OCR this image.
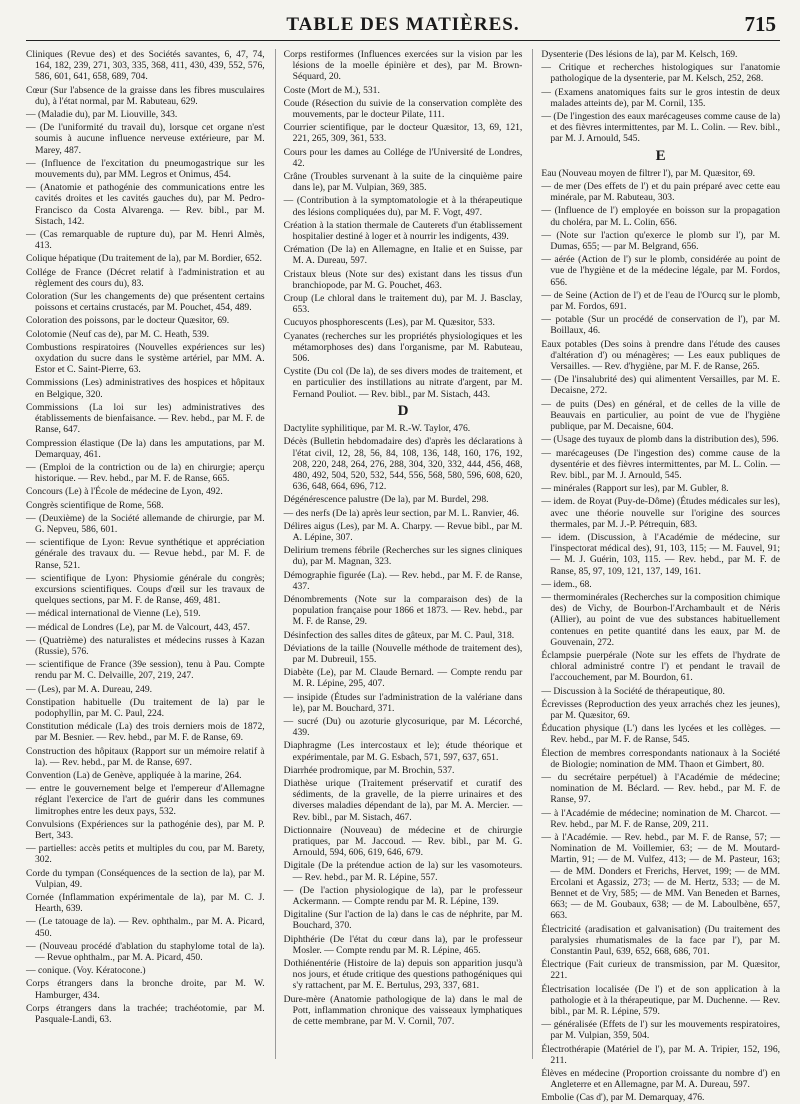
TABLE DES MATIÈRES.	715

Cliniques (Revue des) et des Sociétés savantes, 6, 47, 74, 164, 182, 239, 271, 303, 335, 368, 411, 430, 439, 552, 576, 586, 601, 641, 658, 689, 704.

Cœur (Sur l'absence de la graisse dans les fibres musculaires du), à l'état normal, par M. Rabuteau, 629.

— (Maladie du), par M. Liouville, 343.

— (De l'uniformité du travail du), lorsque cet organe n'est soumis à aucune influence nerveuse extérieure, par M. Marey, 487.

— (Influence de l'excitation du pneumogastrique sur les mouvements du), par MM. Legros et Onimus, 454.

— (Anatomie et pathogénie des communications entre les cavités droites et les cavités gauches du), par M. Pedro-Francisco da Costa Alvarenga. — Rev. bibl., par M. Sistach, 142.

— (Cas remarquable de rupture du), par M. Henri Almès, 413.

Colique hépatique (Du traitement de la), par M. Bordier, 652.

Collége de France (Décret relatif à l'administration et au règlement des cours du), 83.

Coloration (Sur les changements de) que présentent certains poissons et certains crustacés, par M. Pouchet, 454, 489.

Coloration des poissons, par le docteur Quæsitor, 69.

Colotomie (Neuf cas de), par M. C. Heath, 539.

Combustions respiratoires (Nouvelles expériences sur les) oxydation du sucre dans le système artériel, par MM. A. Estor et C. Saint-Pierre, 63.

Commissions (Les) administratives des hospices et hôpitaux en Belgique, 320.

Commissions (La loi sur les) administratives des établissements de bienfaisance. — Rev. hebd., par M. F. de Ranse, 647.

Compression élastique (De la) dans les amputations, par M. Demarquay, 461.

— (Emploi de la contriction ou de la) en chirurgie; aperçu historique. — Rev. hebd., par M. F. de Ranse, 665.

Concours (Le) à l'École de médecine de Lyon, 492.

Congrès scientifique de Rome, 568.

— (Deuxième) de la Société allemande de chirurgie, par M. G. Nepveu, 586, 601.

— scientifique de Lyon: Revue synthétique et appréciation générale des travaux du. — Revue hebd., par M. F. de Ranse, 521.

— scientifique de Lyon: Physiomie générale du congrès; excursions scientifiques. Coups d'œil sur les travaux de quelques sections, par M. F. de Ranse, 469, 481.

— médical international de Vienne (Le), 519.

— médical de Londres (Le), par M. de Valcourt, 443, 457.

— (Quatrième) des naturalistes et médecins russes à Kazan (Russie), 576.

— scientifique de France (39e session), tenu à Pau. Compte rendu par M. C. Delvaille, 207, 219, 247.

— (Les), par M. A. Dureau, 249.

Constipation habituelle (Du traitement de la) par le podophyllin, par M. C. Paul, 224.

Constitution médicale (La) des trois derniers mois de 1872, par M. Besnier. — Rev. hebd., par M. F. de Ranse, 69.

Construction des hôpitaux (Rapport sur un mémoire relatif à la). — Rev. hebd., par M. de Ranse, 697.

Convention (La) de Genève, appliquée à la marine, 264.

— entre le gouvernement belge et l'empereur d'Allemagne réglant l'exercice de l'art de guérir dans les communes limitrophes entre les deux pays, 532.

Convulsions (Expériences sur la pathogénie des), par M. P. Bert, 343.

— partielles: accès petits et multiples du cou, par M. Barety, 302.

Corde du tympan (Conséquences de la section de la), par M. Vulpian, 49.

Cornée (Inflammation expérimentale de la), par M. C. J. Hearth, 639.

— (Le tatouage de la). — Rev. ophthalm., par M. A. Picard, 450.

— (Nouveau procédé d'ablation du staphylome total de la). — Revue ophthalm., par M. A. Picard, 450.

— conique. (Voy. Kératocone.)

Corps étrangers dans la bronche droite, par M. W. Hamburger, 434.

Corps étrangers dans la trachée; trachéotomie, par M. Pasquale-Landi, 63.

Corps restiformes (Influences exercées sur la vision par les lésions de la moelle épinière et des), par M. Brown-Séquard, 20.

Coste (Mort de M.), 531.

Coude (Résection du suivie de la conservation complète des mouvements, par le docteur Pilate, 111.

Courrier scientifique, par le docteur Quæsitor, 13, 69, 121, 221, 265, 309, 361, 533.

Cours pour les dames au Collége de l'Université de Londres, 42.

Crâne (Troubles survenant à la suite de la cinquième paire dans le), par M. Vulpian, 369, 385.

— (Contribution à la symptomatologie et à la thérapeutique des lésions compliquées du), par M. F. Vogt, 497.

Création à la station thermale de Cauterets d'un établissement hospitalier destiné à loger et à nourrir les indigents, 439.

Crémation (De la) en Allemagne, en Italie et en Suisse, par M. A. Dureau, 597.

Cristaux bleus (Note sur des) existant dans les tissus d'un branchiopode, par M. G. Pouchet, 463.

Croup (Le chloral dans le traitement du), par M. J. Basclay, 653.

Cucuyos phosphorescents (Les), par M. Quæsitor, 533.

Cyanates (recherches sur les propriétés physiologiques et les métamorphoses des) dans l'organisme, par M. Rabuteau, 506.

Cystite (Du col (De la), de ses divers modes de traitement, et en particulier des instillations au nitrate d'argent, par M. Fernand Pouliot. — Rev. bibl., par M. Sistach, 443.

D

Dactylite syphilitique, par M. R.-W. Taylor, 476.

Décès (Bulletin hebdomadaire des) d'après les déclarations à l'état civil, 12, 28, 56, 84, 108, 136, 148, 160, 176, 192, 208, 220, 248, 264, 276, 288, 304, 320, 332, 444, 456, 468, 480, 492, 504, 520, 532, 544, 556, 568, 580, 596, 608, 620, 636, 648, 664, 696, 712.

Dégénérescence palustre (De la), par M. Burdel, 298.

— des nerfs (De la) après leur section, par M. L. Ranvier, 46.

Délires aigus (Les), par M. A. Charpy. — Revue bibl., par M. A. Lépine, 307.

Delirium tremens fébrile (Recherches sur les signes cliniques du), par M. Magnan, 323.

Démographie figurée (La). — Rev. hebd., par M. F. de Ranse, 437.

Dénombrements (Note sur la comparaison des) de la population française pour 1866 et 1873. — Rev. hebd., par M. F. de Ranse, 29.

Désinfection des salles dites de gâteux, par M. C. Paul, 318.

Déviations de la taille (Nouvelle méthode de traitement des), par M. Dubreuil, 155.

Diabète (Le), par M. Claude Bernard. — Compte rendu par M. R. Lépine, 295, 407.

— insipide (Études sur l'administration de la valériane dans le), par M. Bouchard, 371.

— sucré (Du) ou azoturie glycosurique, par M. Lécorché, 439.

Diaphragme (Les intercostaux et le); étude théorique et expérimentale, par M. G. Esbach, 571, 597, 637, 651.

Diarrhée prodromique, par M. Brochin, 537.

Diathèse urique (Traitement préservatif et curatif des sédiments, de la gravelle, de la pierre urinaires et des diverses maladies dépendant de la), par M. A. Mercier. — Rev. bibl., par M. Sistach, 467.

Dictionnaire (Nouveau) de médecine et de chirurgie pratiques, par M. Jaccoud. — Rev. bibl., par M. G. Arnould, 594, 606, 619, 646, 679.

Digitale (De la prétendue action de la) sur les vasomoteurs. — Rev. hebd., par M. R. Lépine, 557.

— (De l'action physiologique de la), par le professeur Ackermann. — Compte rendu par M. R. Lépine, 139.

Digitaline (Sur l'action de la) dans le cas de néphrite, par M. Bouchard, 370.

Diphthérie (De l'état du cœur dans la), par le professeur Mosler. — Compte rendu par M. R. Lépine, 465.

Dothiénentérie (Histoire de la) depuis son apparition jusqu'à nos jours, et étude critique des questions pathogéniques qui s'y rattachent, par M. E. Bertulus, 293, 337, 681.

Dure-mère (Anatomie pathologique de la) dans le mal de Pott, inflammation chronique des vaisseaux lymphatiques de cette membrane, par M. V. Cornil, 707.

Dysenterie (Des lésions de la), par M. Kelsch, 169.

— Critique et recherches histologiques sur l'anatomie pathologique de la dysenterie, par M. Kelsch, 252, 268.

— (Examens anatomiques faits sur le gros intestin de deux malades atteints de), par M. Cornil, 135.

— (De l'ingestion des eaux marécageuses comme cause de la) et des fièvres intermittentes, par M. L. Colin. — Rev. bibl., par M. J. Arnould, 545.

E

Eau (Nouveau moyen de filtrer l'), par M. Quæsitor, 69.

— de mer (Des effets de l') et du pain préparé avec cette eau minérale, par M. Rabuteau, 303.

— (Influence de l') employée en boisson sur la propagation du choléra, par M. L. Colin, 656.

— (Note sur l'action qu'exerce le plomb sur l'), par M. Dumas, 655; — par M. Belgrand, 656.

— aérée (Action de l') sur le plomb, considérée au point de vue de l'hygiène et de la médecine légale, par M. Fordos, 656.

— de Seine (Action de l') et de l'eau de l'Ourcq sur le plomb, par M. Fordos, 691.

— potable (Sur un procédé de conservation de l'), par M. Boillaux, 46.

Eaux potables (Des soins à prendre dans l'étude des causes d'altération d') ou ménagères; — Les eaux publiques de Versailles. — Rev. d'hygiène, par M. F. de Ranse, 265.

— (De l'insalubrité des) qui alimentent Versailles, par M. E. Decaisne, 272.

— de puits (Des) en général, et de celles de la ville de Beauvais en particulier, au point de vue de l'hygiène publique, par M. Decaisne, 604.

— (Usage des tuyaux de plomb dans la distribution des), 596.

— marécageuses (De l'ingestion des) comme cause de la dysentérie et des fièvres intermittentes, par M. L. Colin. — Rev. bibl., par M. J. Arnould, 545.

— minérales (Rapport sur les), par M. Gubler, 8.

— idem. de Royat (Puy-de-Dôme) (Études médicales sur les), avec une théorie nouvelle sur l'origine des sources thermales, par M. J.-P. Pétrequin, 683.

— idem. (Discussion, à l'Académie de médecine, sur l'inspectorat médical des), 91, 103, 115; — M. Fauvel, 91; — M. J. Guérin, 103, 115. — Rev. hebd., par M. F. de Ranse, 85, 97, 109, 121, 137, 149, 161.

— idem., 68.

— thermominérales (Recherches sur la composition chimique des) de Vichy, de Bourbon-l'Archambault et de Néris (Allier), au point de vue des substances habituellement contenues en petite quantité dans les eaux, par M. de Gouvenain, 272.

Éclampsie puerpérale (Note sur les effets de l'hydrate de chloral administré contre l') et pendant le travail de l'accouchement, par M. Bourdon, 61.

— Discussion à la Société de thérapeutique, 80.

Écrevisses (Reproduction des yeux arrachés chez les jeunes), par M. Quæsitor, 69.

Éducation physique (L') dans les lycées et les collèges. — Rev. hebd., par M. F. de Ranse, 545.

Élection de membres correspondants nationaux à la Société de Biologie; nomination de MM. Thaon et Gimbert, 80.

— du secrétaire perpétuel) à l'Académie de médecine; nomination de M. Béclard. — Rev. hebd., par M. F. de Ranse, 97.

— à l'Académie de médecine; nomination de M. Charcot. — Rev. hebd., par M. F. de Ranse, 209, 211.

— à l'Académie. — Rev. hebd., par M. F. de Ranse, 57; — Nomination de M. Voillemier, 63; — de M. Moutard-Martin, 91; — de M. Vulfez, 413; — de M. Pasteur, 163; — de MM. Donders et Frerichs, Hervet, 199; — de MM. Ercolani et Agassiz, 273; — de M. Hertz, 533; — de M. Bennet et de Vry, 585; — de MM. Van Beneden et Barnes, 663; — de M. Goubaux, 638; — de M. Laboulbène, 657, 663.

Électricité (aradisation et galvanisation) (Du traitement des paralysies rhumatismales de la face par l'), par M. Constantin Paul, 639, 652, 668, 686, 701.

Électrique (Fait curieux de transmission, par M. Quæsitor, 221.

Électrisation localisée (De l') et de son application à la pathologie et à la thérapeutique, par M. Duchenne. — Rev. bibl., par M. R. Lépine, 579.

— généralisée (Effets de l') sur les mouvements respiratoires, par M. Vulpian, 359, 504.

Électrothérapie (Matériel de l'), par M. A. Tripier, 152, 196, 211.

Élèves en médecine (Proportion croissante du nombre d') en Angleterre et en Allemagne, par M. A. Dureau, 597.

Embolie (Cas d'), par M. Demarquay, 476.
